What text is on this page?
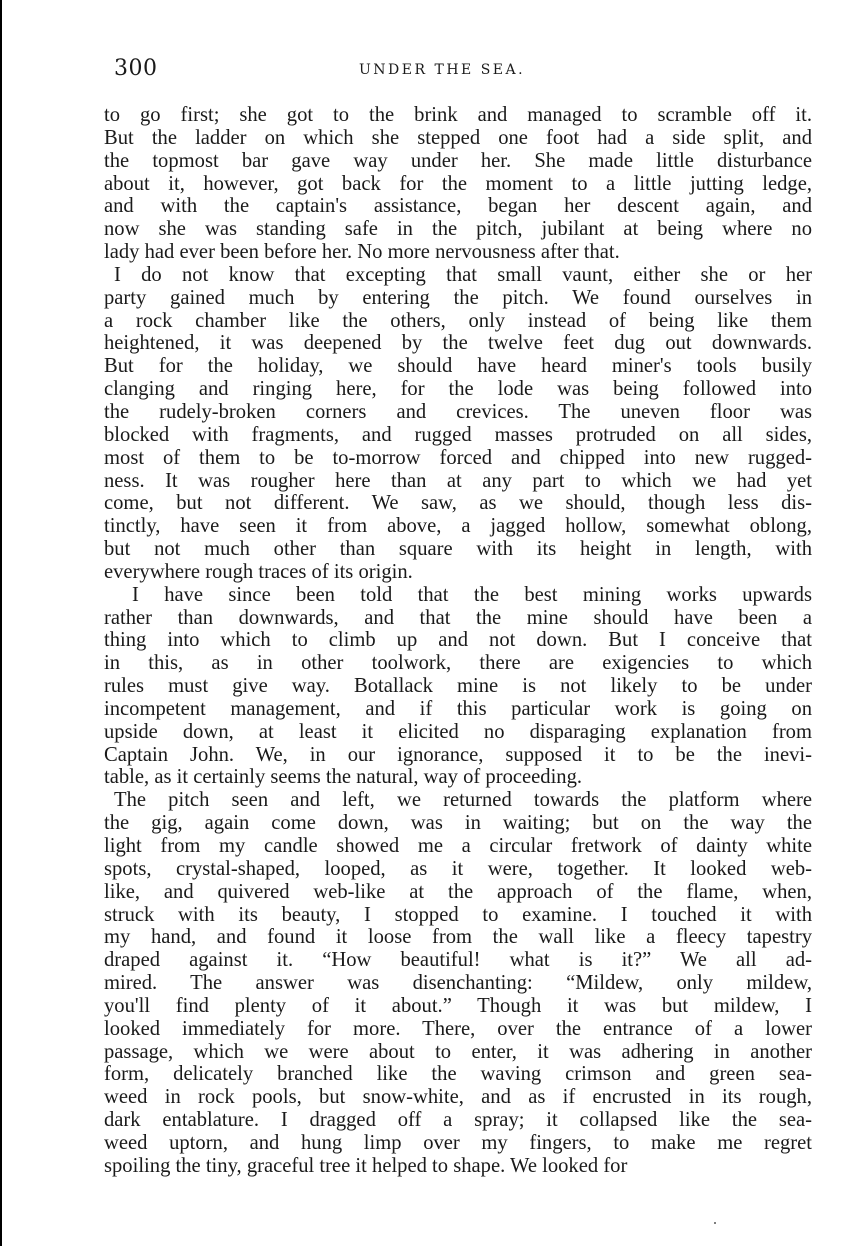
300	UNDER THE SEA.
to go first; she got to the brink and managed to scramble off it.
But the ladder on which she stepped one foot had a side split, and
the topmost bar gave way under her. She made little disturbance
about it, however, got back for the moment to a little jutting ledge,
and with the captain's assistance, began her descent again, and
now she was standing safe in the pitch, jubilant at being where no
lady had ever been before her. No more nervousness after that.
I do not know that excepting that small vaunt, either she or her
party gained much by entering the pitch. We found ourselves in
a rock chamber like the others, only instead of being like them
heightened, it was deepened by the twelve feet dug out downwards.
But for the holiday, we should have heard miner's tools busily
clanging and ringing here, for the lode was being followed into
the rudely-broken corners and crevices. The uneven floor was
blocked with fragments, and rugged masses protruded on all sides,
most of them to be to-morrow forced and chipped into new rugged-
ness. It was rougher here than at any part to which we had yet
come, but not different. We saw, as we should, though less dis-
tinctly, have seen it from above, a jagged hollow, somewhat oblong,
but not much other than square with its height in length, with
everywhere rough traces of its origin.
I have since been told that the best mining works upwards
rather than downwards, and that the mine should have been a
thing into which to climb up and not down. But I conceive that
in this, as in other toolwork, there are exigencies to which
rules must give way. Botallack mine is not likely to be under
incompetent management, and if this particular work is going on
upside down, at least it elicited no disparaging explanation from
Captain John. We, in our ignorance, supposed it to be the inevi-
table, as it certainly seems the natural, way of proceeding.
The pitch seen and left, we returned towards the platform where
the gig, again come down, was in waiting; but on the way the
light from my candle showed me a circular fretwork of dainty white
spots, crystal-shaped, looped, as it were, together. It looked web-
like, and quivered web-like at the approach of the flame, when,
struck with its beauty, I stopped to examine. I touched it with
my hand, and found it loose from the wall like a fleecy tapestry
draped against it. “How beautiful! what is it?” We all ad-
mired. The answer was disenchanting: “Mildew, only mildew,
you'll find plenty of it about.” Though it was but mildew, I
looked immediately for more. There, over the entrance of a lower
passage, which we were about to enter, it was adhering in another
form, delicately branched like the waving crimson and green sea-
weed in rock pools, but snow-white, and as if encrusted in its rough,
dark entablature. I dragged off a spray; it collapsed like the sea-
weed uptorn, and hung limp over my fingers, to make me regret
spoiling the tiny, graceful tree it helped to shape. We looked for
